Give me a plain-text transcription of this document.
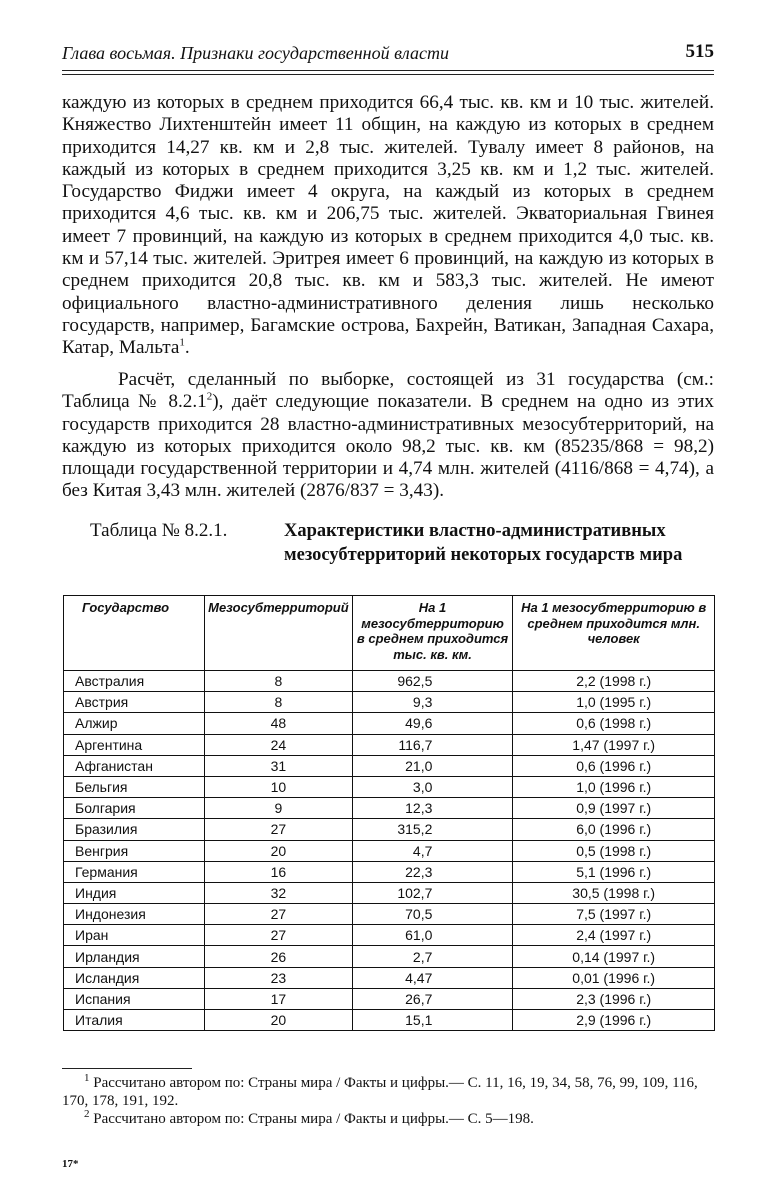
Глава восьмая. Признаки государственной власти	515

каждую из которых в среднем приходится 66,4 тыс. кв. км и 10 тыс. жителей. Княжество Лихтенштейн имеет 11 общин, на каждую из которых в среднем приходится 14,27 кв. км и 2,8 тыс. жителей. Тувалу имеет 8 районов, на каждый из которых в среднем приходится 3,25 кв. км и 1,2 тыс. жителей. Государство Фиджи имеет 4 округа, на каждый из которых в среднем приходится 4,6 тыс. кв. км и 206,75 тыс. жителей. Экваториальная Гвинея имеет 7 провинций, на каждую из которых в среднем приходится 4,0 тыс. кв. км и 57,14 тыс. жителей. Эритрея имеет 6 провинций, на каждую из которых в среднем приходится 20,8 тыс. кв. км и 583,3 тыс. жителей. Не имеют официального властно-административного деления лишь несколько государств, например, Багамские острова, Бахрейн, Ватикан, Западная Сахара, Катар, Мальта$^1$.

Расчёт, сделанный по выборке, состоящей из 31 государства (см.: Таблица № 8.2.1$^2$), даёт следующие показатели. В среднем на одно из этих государств приходится 28 властно-административных мезосубтерриторий, на каждую из которых приходится около 98,2 тыс. кв. км (85235/868 = 98,2) площади государственной территории и 4,74 млн. жителей (4116/868 = 4,74), а без Китая 3,43 млн. жителей (2876/837 = 3,43).

Таблица № 8.2.1.	Характеристики властно-административных мезосубтерриторий некоторых государств мира
Государство	Мезосубтерриторий	На 1 мезосубтерриторию в среднем приходится тыс. кв. км.	На 1 мезосубтерриторию в среднем приходится млн. человек
Австралия	8	962,5	2,2 (1998 г.)
Австрия	8	9,3	1,0 (1995 г.)
Алжир	48	49,6	0,6 (1998 г.)
Аргентина	24	116,7	1,47 (1997 г.)
Афганистан	31	21,0	0,6 (1996 г.)
Бельгия	10	3,0	1,0 (1996 г.)
Болгария	9	12,3	0,9 (1997 г.)
Бразилия	27	315,2	6,0 (1996 г.)
Венгрия	20	4,7	0,5 (1998 г.)
Германия	16	22,3	5,1 (1996 г.)
Индия	32	102,7	30,5 (1998 г.)
Индонезия	27	70,5	7,5 (1997 г.)
Иран	27	61,0	2,4 (1997 г.)
Ирландия	26	2,7	0,14 (1997 г.)
Исландия	23	4,47	0,01 (1996 г.)
Испания	17	26,7	2,3 (1996 г.)
Италия	20	15,1	2,9 (1996 г.)

$^1$ Рассчитано автором по: Страны мира / Факты и цифры.— С. 11, 16, 19, 34, 58, 76, 99, 109, 116, 170, 178, 191, 192.

$^2$ Рассчитано автором по: Страны мира / Факты и цифры.— С. 5—198.

17*
